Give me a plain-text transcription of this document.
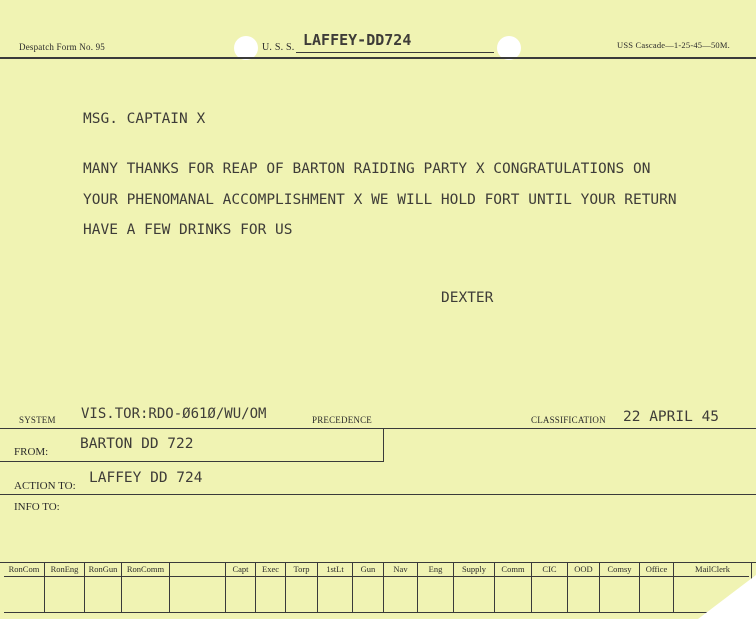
Despatch Form No. 95	U. S. S. LAFFEY-DD724	USS Cascade—1-25-45—50M.
MSG. CAPTAIN X
MANY THANKS FOR REAP OF BARTON RAIDING PARTY X CONGRATULATIONS ON
YOUR PHENOMANAL ACCOMPLISHMENT X WE WILL HOLD FORT UNTIL YOUR RETURN
HAVE A FEW DRINKS FOR US
DEXTER
SYSTEM VIS.TOR:RDO-Ø61Ø/WU/OM	PRECEDENCE	CLASSIFICATION 22 APRIL 45
FROM: BARTON DD 722
ACTION TO: LAFFEY DD 724
INFO TO:
RonCom	RonEng	RonGun	RonComm	Capt	Exec	Torp	1stLt	Gun	Nav	Eng	Supply	Comm	CIC	OOD	Comsy	Office	MailClerk
